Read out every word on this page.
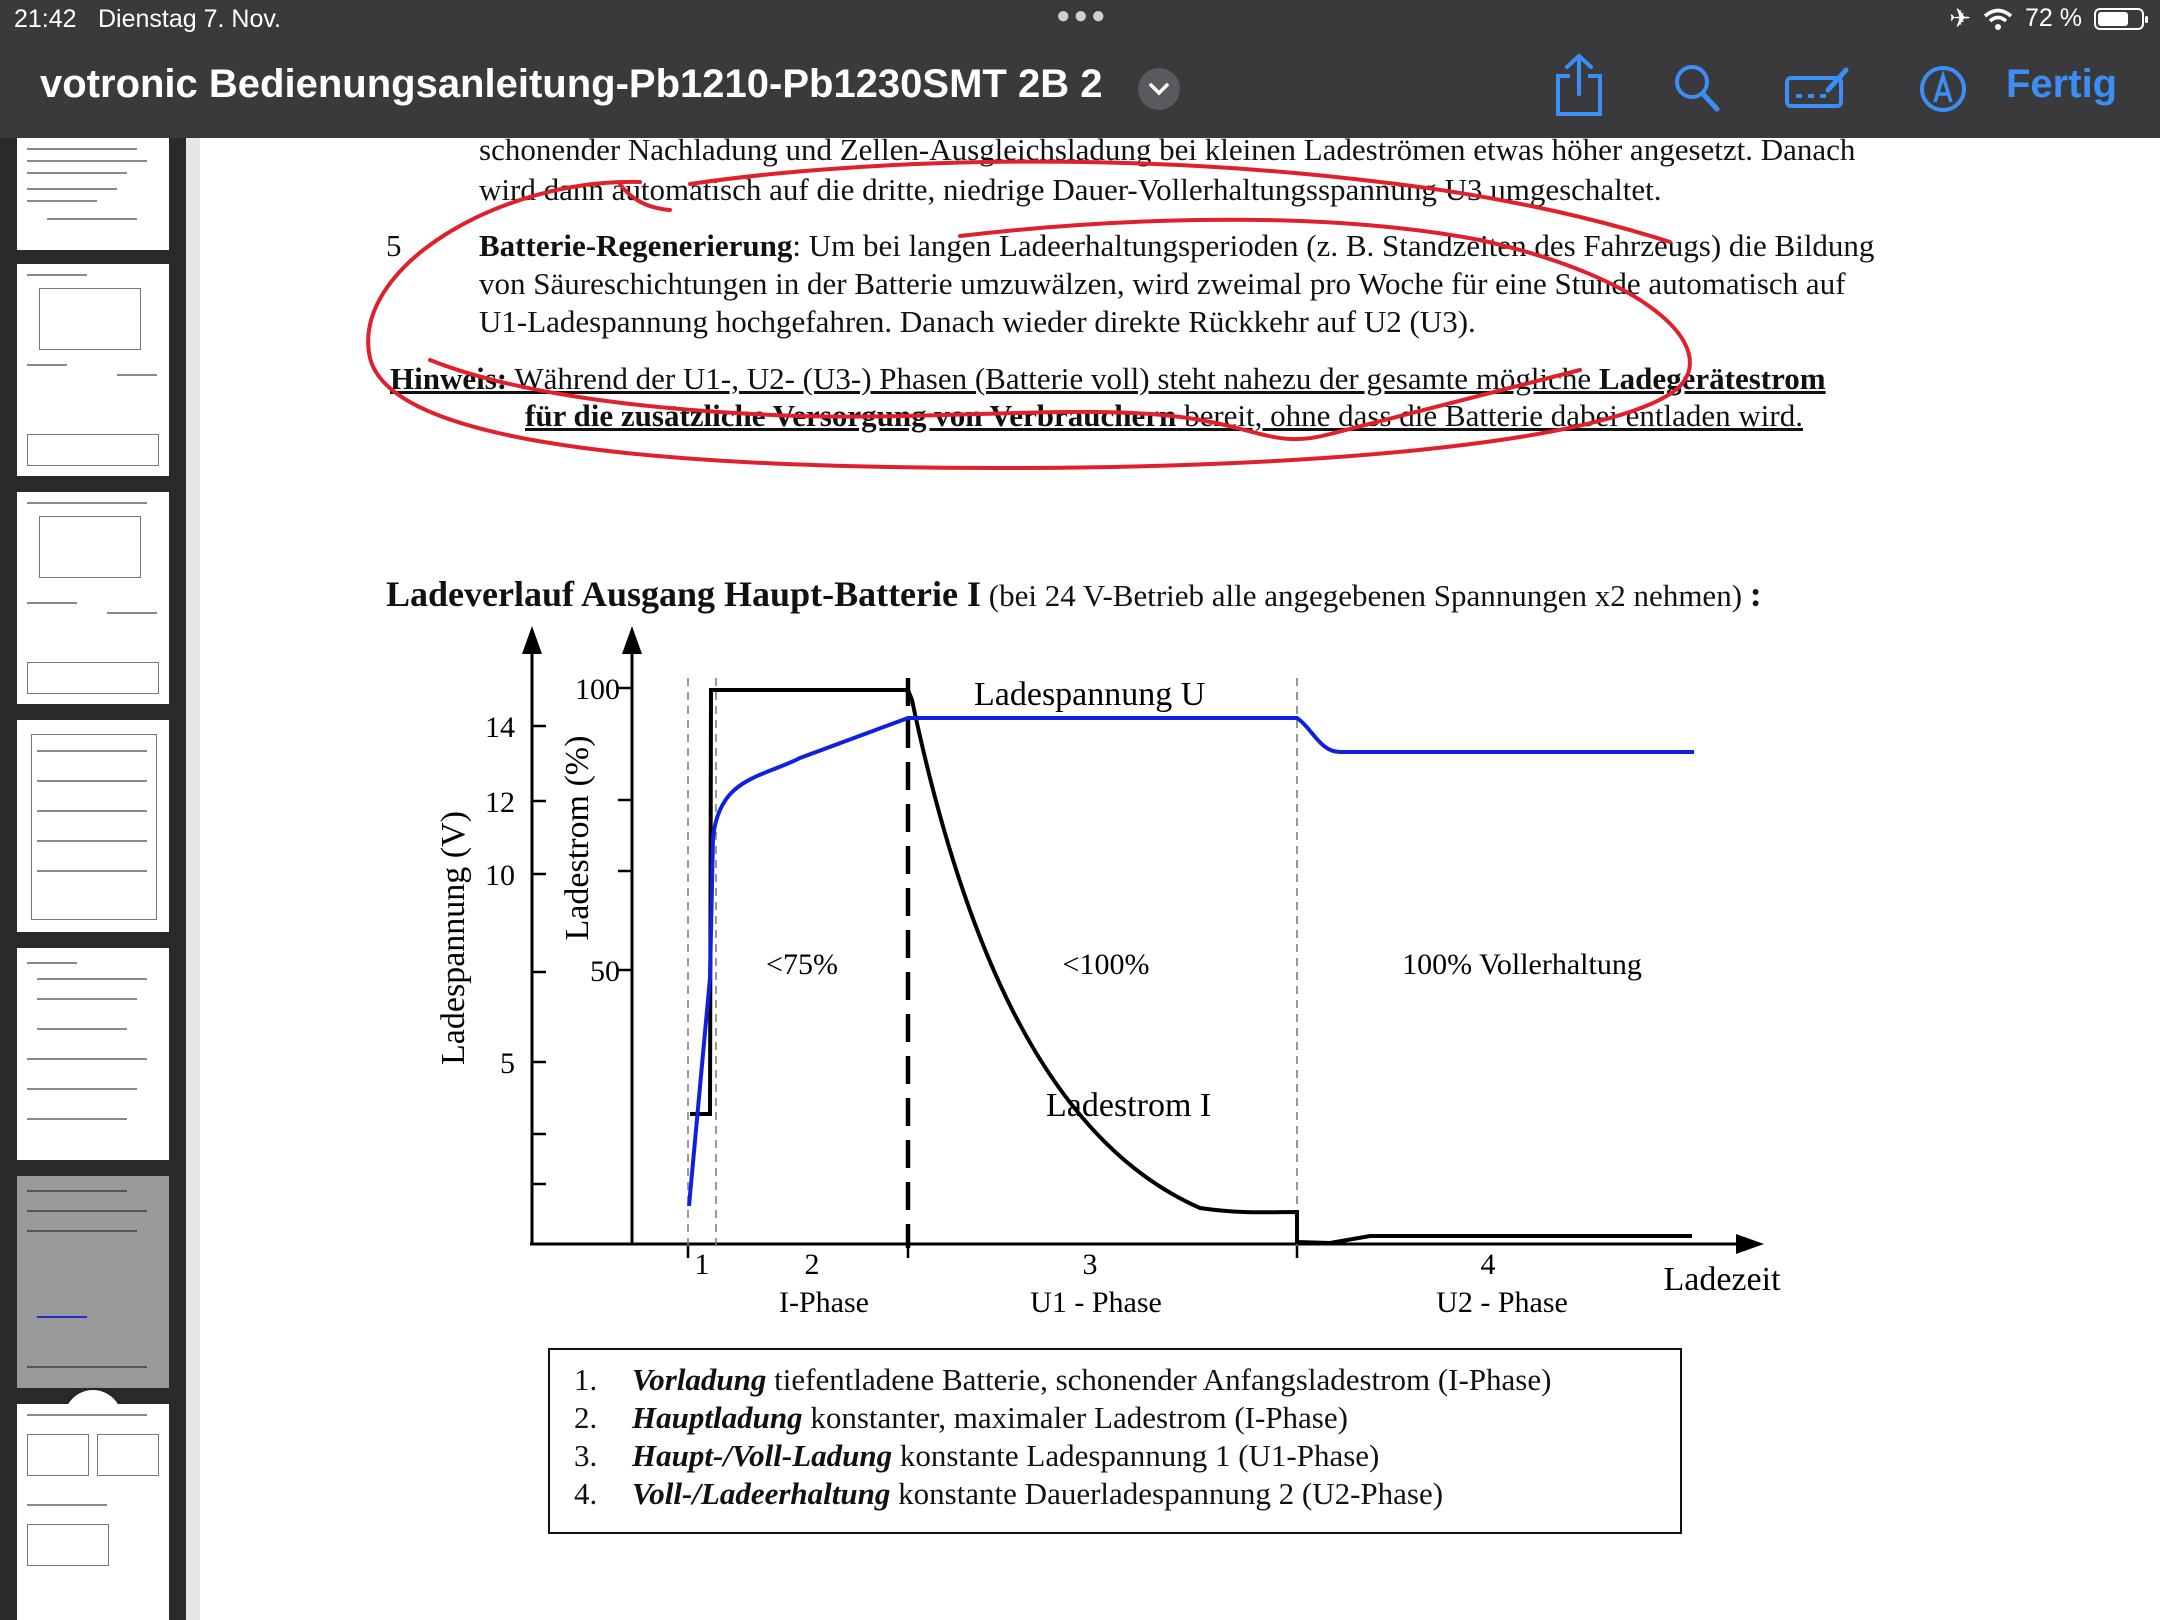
21:42 Dienstag 7. Nov.	●●●	✈ 72 %
votronic Bedienungsanleitung-Pb1210-Pb1230SMT 2B 2	Fertig
schonender Nachladung und Zellen-Ausgleichsladung bei kleinen Ladeströmen etwas höher angesetzt. Danach
wird dann automatisch auf die dritte, niedrige Dauer-Vollerhaltungsspannung U3 umgeschaltet.
5	Batterie-Regenerierung: Um bei langen Ladeerhaltungsperioden (z. B. Standzeiten des Fahrzeugs) die Bildung
von Säureschichtungen in der Batterie umzuwälzen, wird zweimal pro Woche für eine Stunde automatisch auf
U1-Ladespannung hochgefahren. Danach wieder direkte Rückkehr auf U2 (U3).
Hinweis: Während der U1-, U2- (U3-) Phasen (Batterie voll) steht nahezu der gesamte mögliche Ladegerätestrom
für die zusätzliche Versorgung von Verbrauchern bereit, ohne dass die Batterie dabei entladen wird.
Ladeverlauf Ausgang Haupt-Batterie I (bei 24 V-Betrieb alle angegebenen Spannungen x2 nehmen) :
14
12
10
5
Ladespannung (V)
100
50
Ladestrom (%)
Ladespannung U
Ladestrom I
<75%	<100%	100% Vollerhaltung
1	2
I-Phase
3
U1 - Phase
4
U2 - Phase
Ladezeit
1. Vorladung tiefentladene Batterie, schonender Anfangsladestrom (I-Phase)
2. Hauptladung konstanter, maximaler Ladestrom (I-Phase)
3. Haupt-/Voll-Ladung konstante Ladespannung 1 (U1-Phase)
4. Voll-/Ladeerhaltung konstante Dauerladespannung 2 (U2-Phase)
